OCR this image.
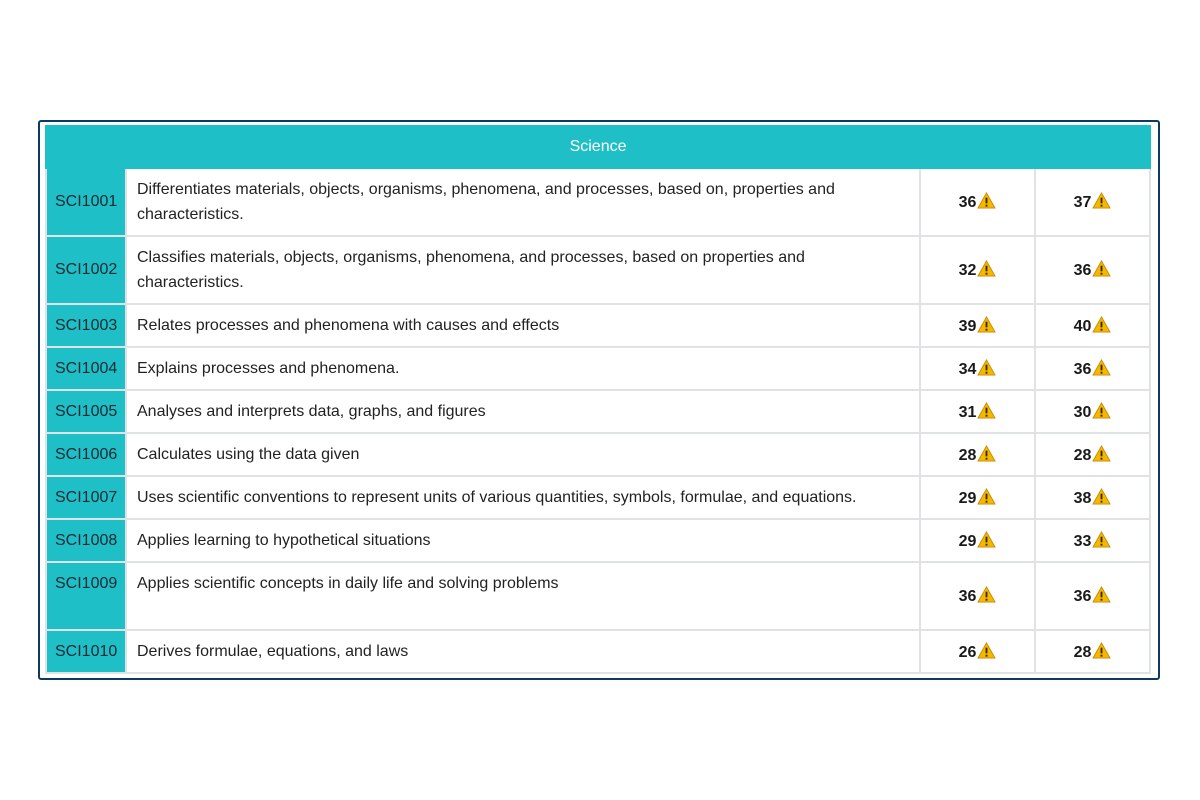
Science			
SCI1001	Differentiates materials, objects, organisms, phenomena, and processes, based on, properties and characteristics.	36	37
SCI1002	Classifies materials, objects, organisms, phenomena, and processes, based on properties and characteristics.	32	36
SCI1003	Relates processes and phenomena with causes and effects	39	40
SCI1004	Explains processes and phenomena.	34	36
SCI1005	Analyses and interprets data, graphs, and figures	31	30
SCI1006	Calculates using the data given	28	28
SCI1007	Uses scientific conventions to represent units of various quantities, symbols, formulae, and equations.	29	38
SCI1008	Applies learning to hypothetical situations	29	33
SCI1009	Applies scientific concepts in daily life and solving problems	36	36
SCI1010	Derives formulae, equations, and laws	26	28
